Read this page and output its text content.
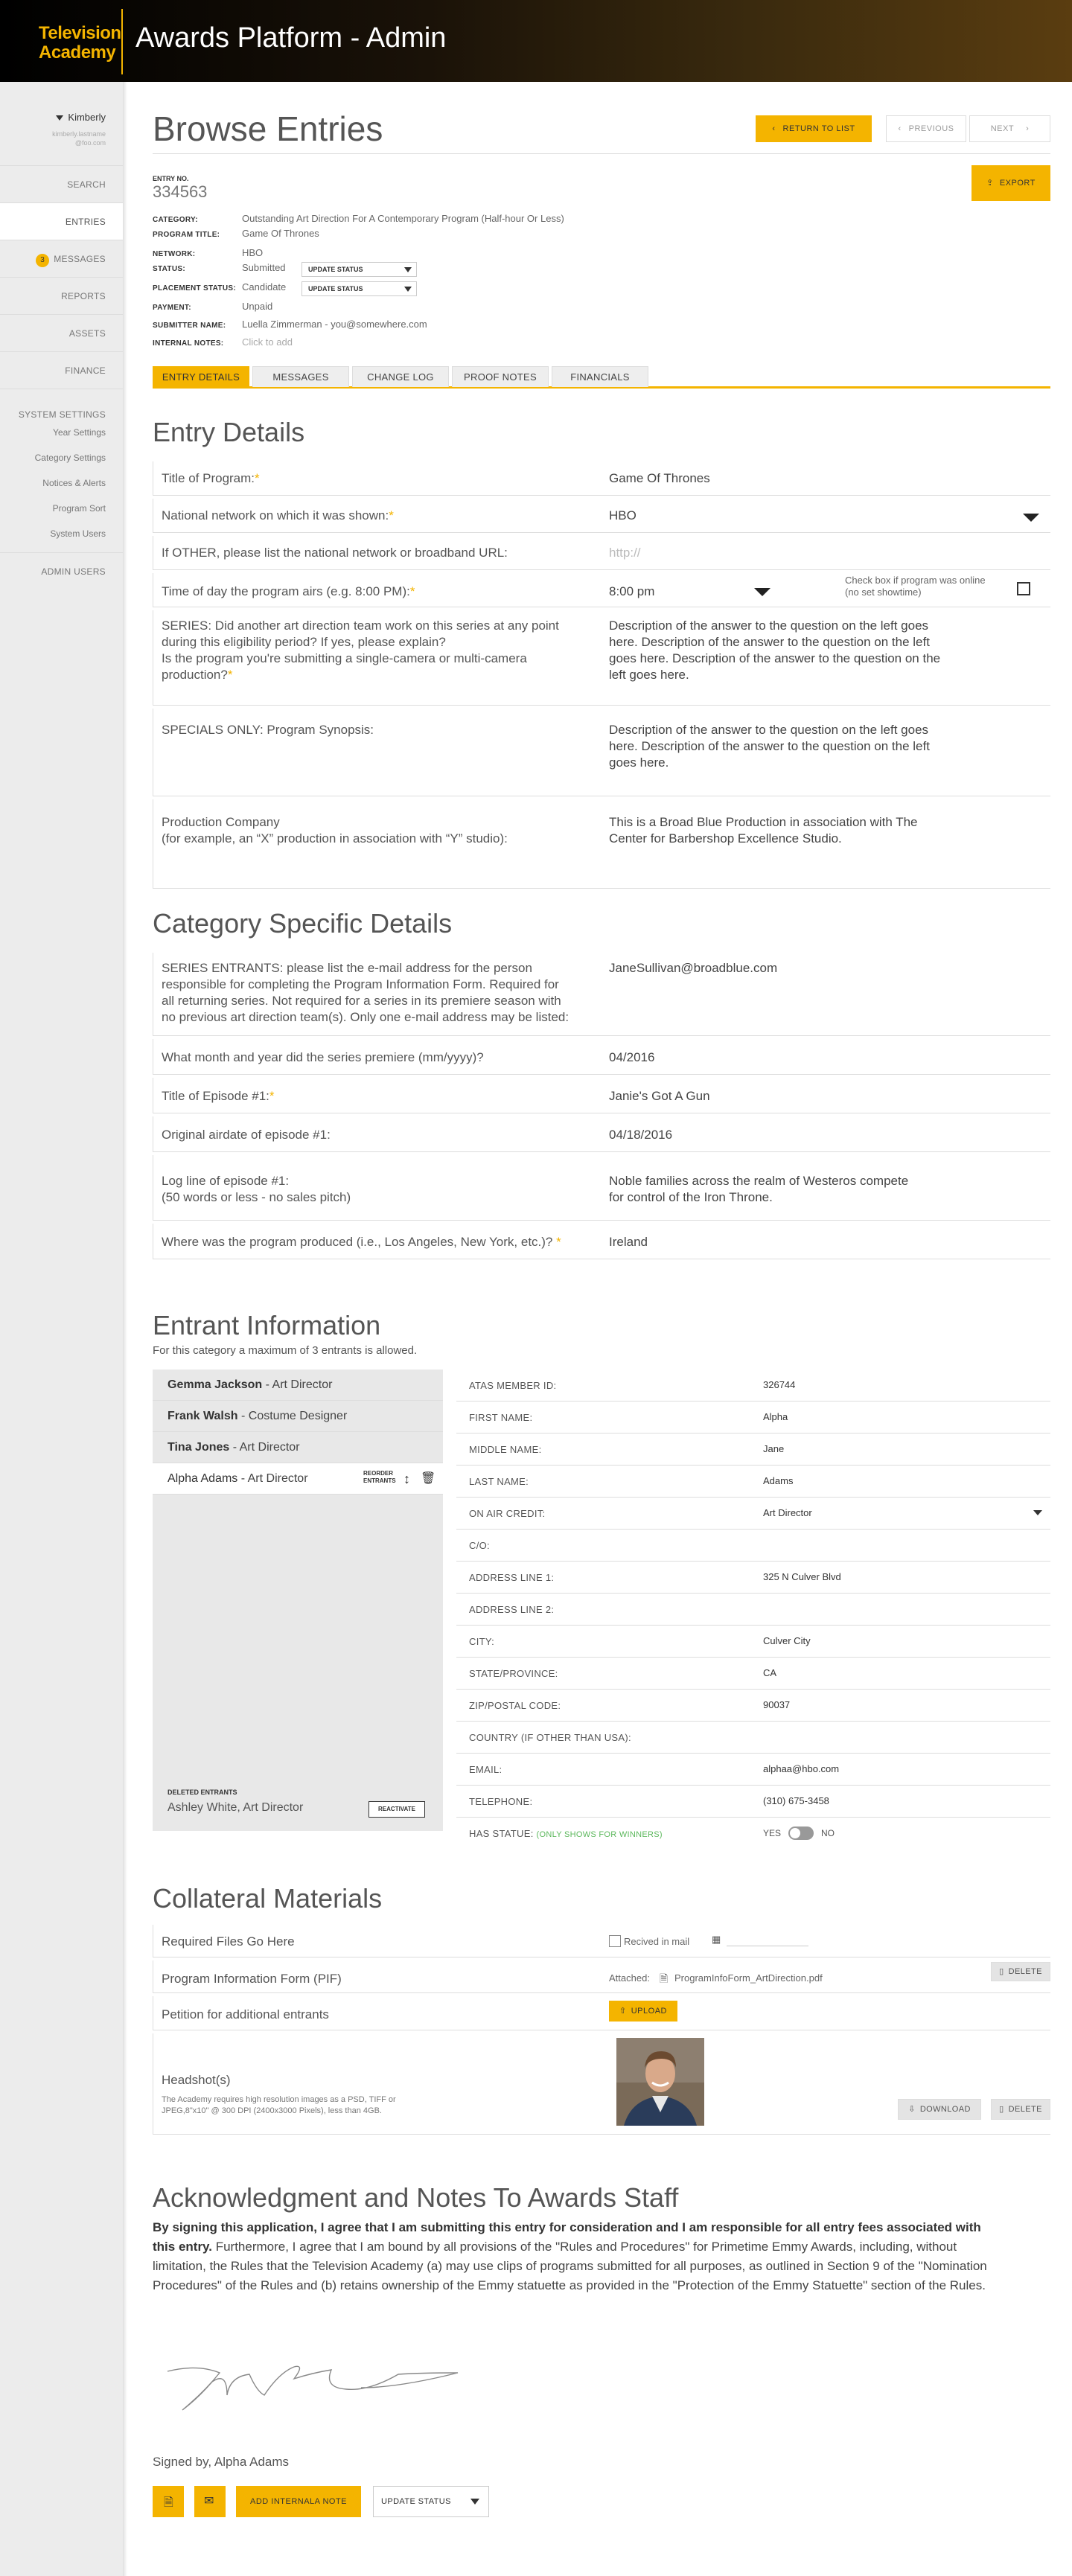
Television
Academy Awards Platform - Admin
Kimberly
kimberly.lastname
@foo.com
SEARCH
ENTRIES
3 MESSAGES
REPORTS
ASSETS
FINANCE
SYSTEM SETTINGS
Year Settings
Category Settings
Notices & Alerts
Program Sort
System Users
ADMIN USERS
Browse Entries	‹ RETURN TO LIST	‹ PREVIOUS	NEXT ›
ENTRY NO.
334563	⇪ EXPORT
CATEGORY:	Outstanding Art Direction For A Contemporary Program (Half-hour Or Less)
PROGRAM TITLE: Game Of Thrones
NETWORK:	HBO
STATUS:	Submitted	UPDATE STATUS
PLACEMENT STATUS: Candidate	UPDATE STATUS
PAYMENT:	Unpaid
SUBMITTER NAME: Luella Zimmerman - you@somewhere.com
INTERNAL NOTES: Click to add
ENTRY DETAILS	MESSAGES	CHANGE LOG	PROOF NOTES	FINANCIALS
Entry Details
Title of Program:*	Game Of Thrones
National network on which it was shown:*	HBO
If OTHER, please list the national network or broadband URL:	http://
Time of day the program airs (e.g. 8:00 PM):*	8:00 pm
Check box if program was online
(no set showtime)
SERIES: Did another art direction team work on this series at any point
during this eligibility period? If yes, please explain?
Is the program you're submitting a single-camera or multi-camera
production?*
Description of the answer to the question on the left goes
here. Description of the answer to the question on the left
goes here. Description of the answer to the question on the
left goes here.
SPECIALS ONLY: Program Synopsis:	Description of the answer to the question on the left goes
here. Description of the answer to the question on the left
goes here.
Production Company
(for example, an “X” production in association with “Y” studio):
This is a Broad Blue Production in association with The
Center for Barbershop Excellence Studio.
Category Specific Details
SERIES ENTRANTS: please list the e-mail address for the person
responsible for completing the Program Information Form. Required for
all returning series. Not required for a series in its premiere season with
no previous art direction team(s). Only one e-mail address may be listed:
JaneSullivan@broadblue.com
What month and year did the series premiere (mm/yyyy)?	04/2016
Title of Episode #1:*	Janie's Got A Gun
Original airdate of episode #1:	04/18/2016
Log line of episode #1:
(50 words or less - no sales pitch)
Noble families across the realm of Westeros compete
for control of the Iron Throne.
Where was the program produced (i.e., Los Angeles, New York, etc.)? *	Ireland
Entrant Information
For this category a maximum of 3 entrants is allowed.
Gemma Jackson - Art Director
Frank Walsh - Costume Designer
Tina Jones - Art Director
Alpha Adams - Art Director	REORDER
ENTRANTS ↕ 🗑
DELETED ENTRANTS
Ashley White, Art Director	REACTIVATE
ATAS MEMBER ID:	326744
FIRST NAME:	Alpha
MIDDLE NAME:	Jane
LAST NAME:	Adams
ON AIR CREDIT:	Art Director
C/O:
ADDRESS LINE 1:	325 N Culver Blvd
ADDRESS LINE 2:
CITY:	Culver City
STATE/PROVINCE:	CA
ZIP/POSTAL CODE:	90037
COUNTRY (IF OTHER THAN USA):
EMAIL:	alphaa@hbo.com
TELEPHONE:	(310) 675-3458
HAS STATUE: (ONLY SHOWS FOR WINNERS)	YES	NO
Collateral Materials
Required Files Go Here	Recived in mail ▦
Program Information Form (PIF)	Attached: 🗎 ProgramInfoForm_ArtDirection.pdf
▯ DELETE
Petition for additional entrants	⇧ UPLOAD
Headshot(s)
The Academy requires high resolution images as a PSD, TIFF or
JPEG,8"x10" @ 300 DPI (2400x3000 Pixels), less than 4GB.	⇩ DOWNLOAD	▯ DELETE
Acknowledgment and Notes To Awards Staff

By signing this application, I agree that I am submitting this entry for consideration and I am responsible for all entry fees associated with this entry. Furthermore, I agree that I am bound by all provisions of the "Rules and Procedures" for Primetime Emmy Awards, including, without limitation, the Rules that the Television Academy (a) may use clips of programs submitted for all purposes, as outlined in Section 9 of the "Nomination Procedures" of the Rules and (b) retains ownership of the Emmy statuette as provided in the "Protection of the Emmy Statuette" section of the Rules.

Signed by, Alpha Adams
🗎	✉	ADD INTERNALA NOTE	UPDATE STATUS
